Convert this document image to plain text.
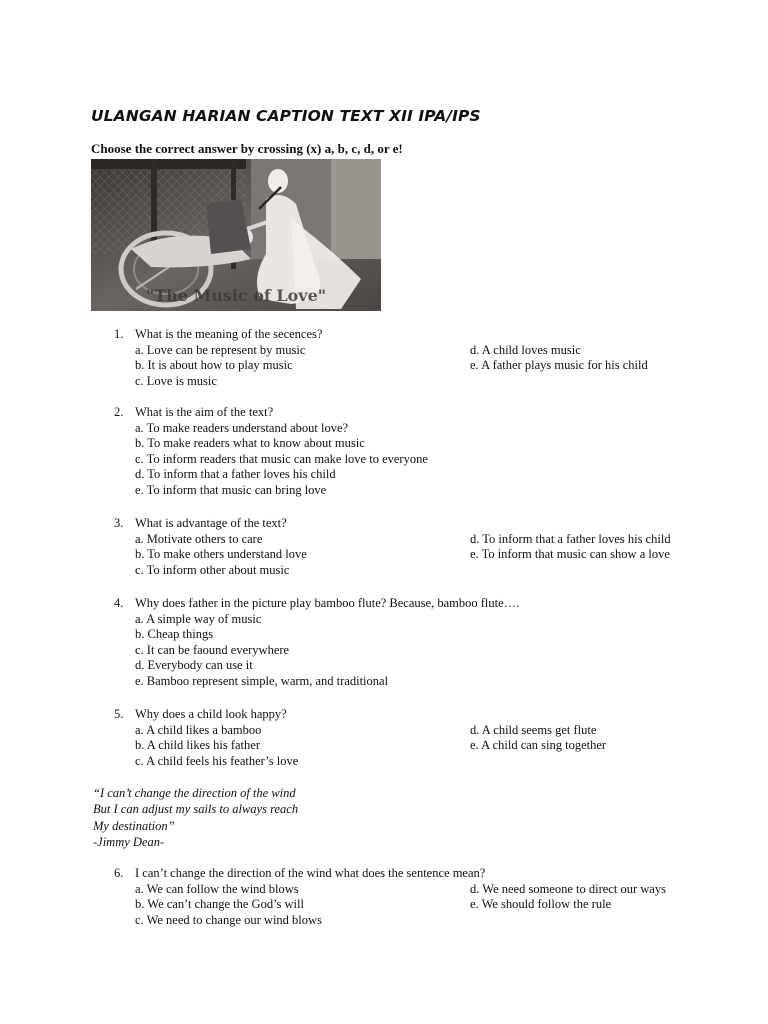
ULANGAN HARIAN CAPTION TEXT XII IPA/IPS
Choose the correct answer by crossing (x) a, b, c, d, or e!
"The Music of Love"
1. What is the meaning of the secences?
a. Love can be represent by music
b. It is about how to play music
c. Love is music
d. A child loves music
e. A father plays music for his child
2. What is the aim of the text?
a. To make readers understand about love?
b. To make readers what to know about music
c. To inform readers that music can make love to everyone
d. To inform that a father loves his child
e. To inform that music can bring love
3. What is advantage of the text?
a. Motivate others to care
b. To make others understand love
c. To inform other about music
d. To inform that a father loves his child
e. To inform that music can show a love
4. Why does father in the picture play bamboo flute? Because, bamboo flute….
a. A simple way of music
b. Cheap things
c. It can be faound everywhere
d. Everybody can use it
e. Bamboo represent simple, warm, and traditional
5. Why does a child look happy?
a. A child likes a bamboo
b. A child likes his father
c. A child feels his feather’s love
d. A child seems get flute
e. A child can sing together
“I can’t change the direction of the wind
But I can adjust my sails to always reach
My destination”
-Jimmy Dean-
6. I can’t change the direction of the wind what does the sentence mean?
a. We can follow the wind blows
b. We can’t change the God’s will
c. We need to change our wind blows
d. We need someone to direct our ways
e. We should follow the rule
